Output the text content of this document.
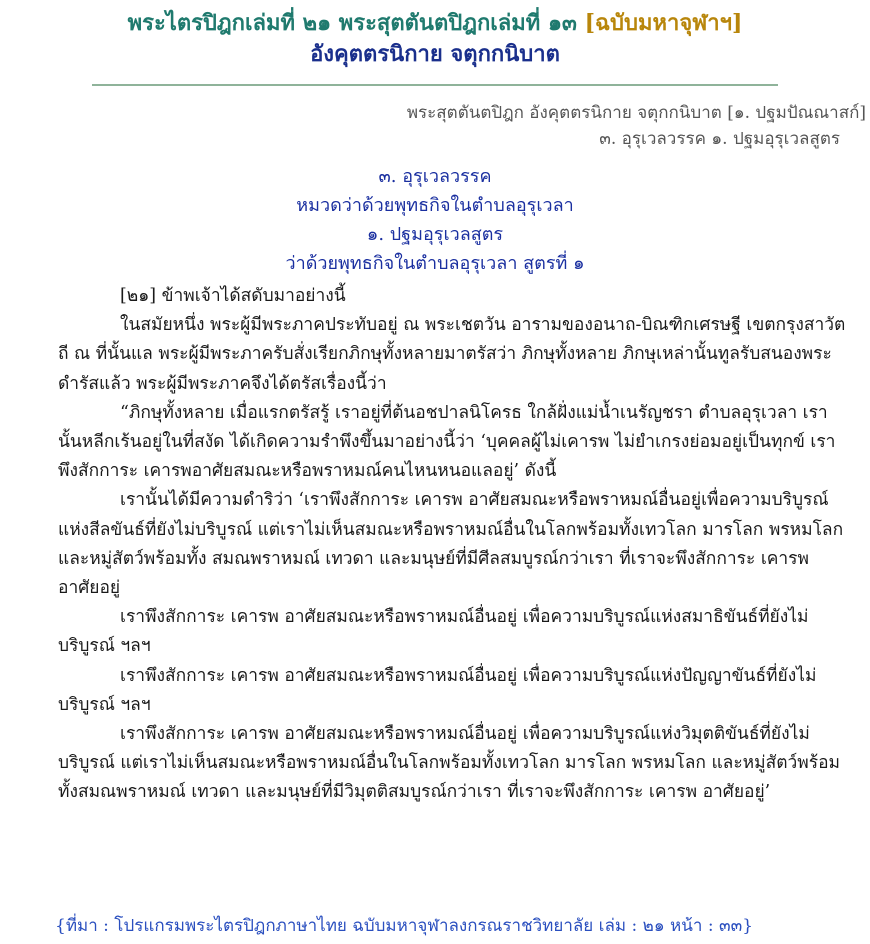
พระไตรปิฎกเล่มที่ ๒๑ พระสุตตันตปิฎกเล่มที่ ๑๓ [ฉบับมหาจุฬาฯ]
อังคุตตรนิกาย จตุกกนิบาต
พระสุตตันตปิฎก อังคุตตรนิกาย จตุกกนิบาต [๑. ปฐมปัณณาสก์]
๓. อุรุเวลวรรค ๑. ปฐมอุรุเวลสูตร
๓. อุรุเวลวรรค
หมวดว่าด้วยพุทธกิจในตำบลอุรุเวลา
๑. ปฐมอุรุเวลสูตร
ว่าด้วยพุทธกิจในตำบลอุรุเวลา สูตรที่ ๑

[๒๑] ข้าพเจ้าได้สดับมาอย่างนี้

ในสมัยหนึ่ง พระผู้มีพระภาคประทับอยู่ ณ พระเชตวัน อารามของอนาถ-บิณฑิกเศรษฐี เขตกรุงสาวัตถี ณ ที่นั้นแล พระผู้มีพระภาครับสั่งเรียกภิกษุทั้งหลายมาตรัสว่า ภิกษุทั้งหลาย ภิกษุเหล่านั้นทูลรับสนองพระดำรัสแล้ว พระผู้มีพระภาคจึงได้ตรัสเรื่องนี้ว่า

“ภิกษุทั้งหลาย เมื่อแรกตรัสรู้ เราอยู่ที่ต้นอชปาลนิโครธ ใกล้ฝั่งแม่น้ำเนรัญชรา ตำบลอุรุเวลา เรานั้นหลีกเร้นอยู่ในที่สงัด ได้เกิดความรำพึงขึ้นมาอย่างนี้ว่า ‘บุคคลผู้ไม่เคารพ ไม่ยำเกรงย่อมอยู่เป็นทุกข์ เราพึงสักการะ เคารพอาศัยสมณะหรือพราหมณ์คนไหนหนอแลอยู่’ ดังนี้

เรานั้นได้มีความดำริว่า ‘เราพึงสักการะ เคารพ อาศัยสมณะหรือพราหมณ์อื่นอยู่เพื่อความบริบูรณ์แห่งสีลขันธ์ที่ยังไม่บริบูรณ์ แต่เราไม่เห็นสมณะหรือพราหมณ์อื่นในโลกพร้อมทั้งเทวโลก มารโลก พรหมโลก และหมู่สัตว์พร้อมทั้ง สมณพราหมณ์ เทวดา และมนุษย์ที่มีศีลสมบูรณ์กว่าเรา ที่เราจะพึงสักการะ เคารพ อาศัยอยู่

เราพึงสักการะ เคารพ อาศัยสมณะหรือพราหมณ์อื่นอยู่ เพื่อความบริบูรณ์แห่งสมาธิขันธ์ที่ยังไม่บริบูรณ์ ฯลฯ

เราพึงสักการะ เคารพ อาศัยสมณะหรือพราหมณ์อื่นอยู่ เพื่อความบริบูรณ์แห่งปัญญาขันธ์ที่ยังไม่บริบูรณ์ ฯลฯ

เราพึงสักการะ เคารพ อาศัยสมณะหรือพราหมณ์อื่นอยู่ เพื่อความบริบูรณ์แห่งวิมุตติขันธ์ที่ยังไม่บริบูรณ์ แต่เราไม่เห็นสมณะหรือพราหมณ์อื่นในโลกพร้อมทั้งเทวโลก มารโลก พรหมโลก และหมู่สัตว์พร้อมทั้งสมณพราหมณ์ เทวดา และมนุษย์ที่มีวิมุตติสมบูรณ์กว่าเรา ที่เราจะพึงสักการะ เคารพ อาศัยอยู่’

{ที่มา : โปรแกรมพระไตรปิฎกภาษาไทย ฉบับมหาจุฬาลงกรณราชวิทยาลัย เล่ม : ๒๑ หน้า : ๓๓}
